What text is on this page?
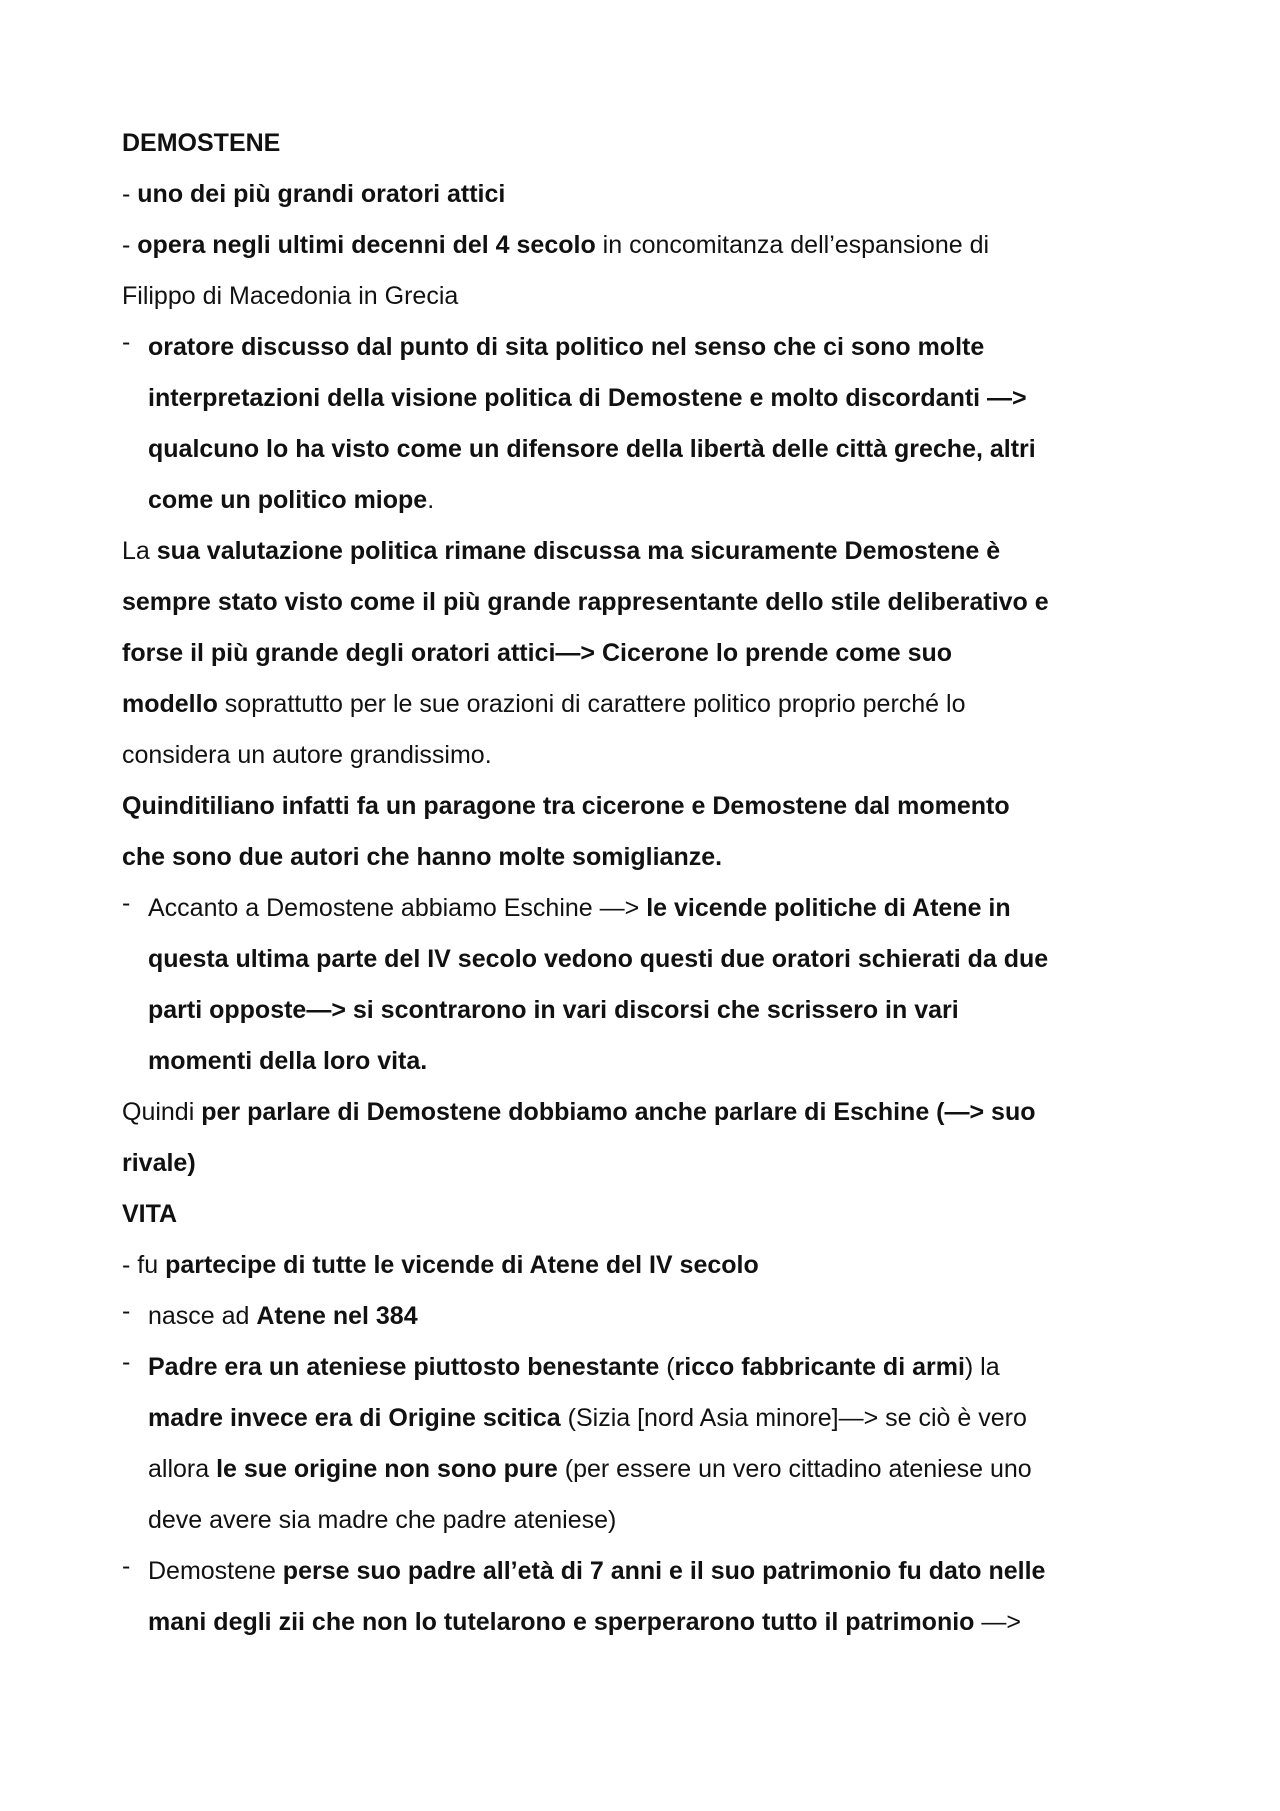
DEMOSTENE
- uno dei più grandi oratori attici
- opera negli ultimi decenni del 4 secolo in concomitanza dell’espansione di
Filippo di Macedonia in Grecia
- oratore discusso dal punto di sita politico nel senso che ci sono molte
interpretazioni della visione politica di Demostene e molto discordanti —>
qualcuno lo ha visto come un difensore della libertà delle città greche, altri
come un politico miope.
La sua valutazione politica rimane discussa ma sicuramente Demostene è
sempre stato visto come il più grande rappresentante dello stile deliberativo e
forse il più grande degli oratori attici—> Cicerone lo prende come suo
modello soprattutto per le sue orazioni di carattere politico proprio perché lo
considera un autore grandissimo.
Quinditiliano infatti fa un paragone tra cicerone e Demostene dal momento
che sono due autori che hanno molte somiglianze.
- Accanto a Demostene abbiamo Eschine —> le vicende politiche di Atene in
questa ultima parte del IV secolo vedono questi due oratori schierati da due
parti opposte—> si scontrarono in vari discorsi che scrissero in vari
momenti della loro vita.
Quindi per parlare di Demostene dobbiamo anche parlare di Eschine (—> suo
rivale)
VITA
- fu partecipe di tutte le vicende di Atene del IV secolo
- nasce ad Atene nel 384
- Padre era un ateniese piuttosto benestante (ricco fabbricante di armi) la
madre invece era di Origine scitica (Sizia [nord Asia minore]—> se ciò è vero
allora le sue origine non sono pure (per essere un vero cittadino ateniese uno
deve avere sia madre che padre ateniese)
- Demostene perse suo padre all’età di 7 anni e il suo patrimonio fu dato nelle
mani degli zii che non lo tutelarono e sperperarono tutto il patrimonio —>
